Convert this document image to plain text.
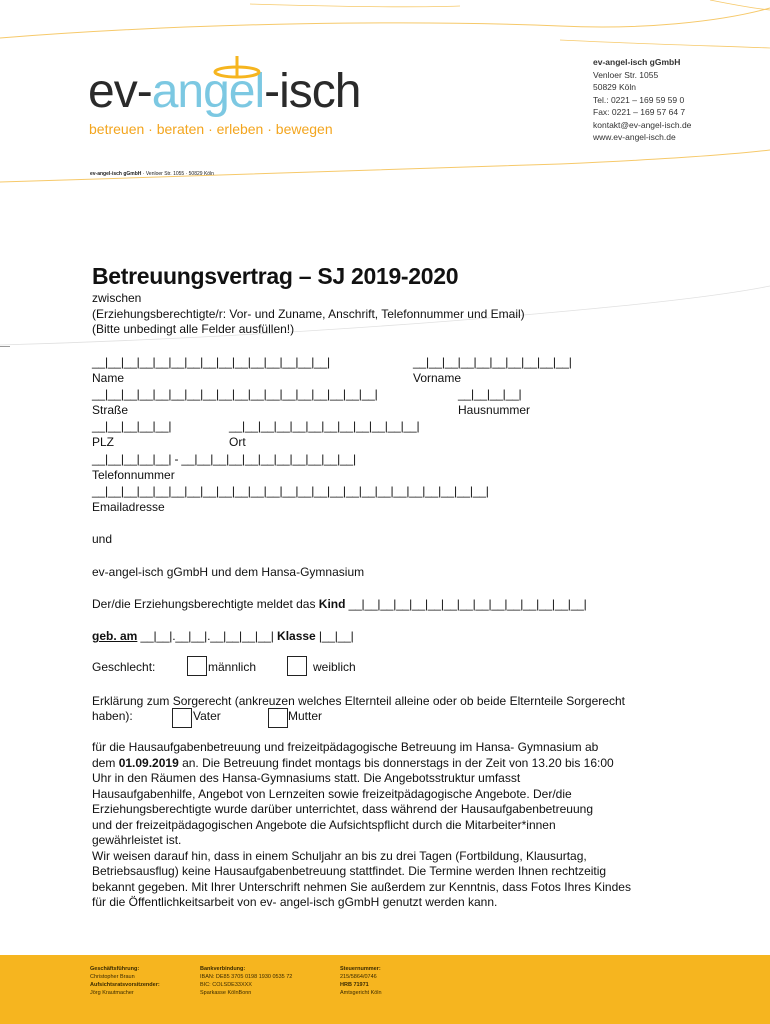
ev-angel-isch
betreuen · beraten · erleben · bewegen
ev-angel-isch gGmbH
Venloer Str. 1055
50829 Köln
Tel.: 0221 – 169 59 59 0
Fax: 0221 – 169 57 64 7
kontakt@ev-angel-isch.de
www.ev-angel-isch.de
ev-angel-isch gGmbH · Venloer Str. 1055 · 50829 Köln
Betreuungsvertrag – SJ 2019-2020
zwischen
(Erziehungsberechtigte/r: Vor- und Zuname, Anschrift, Telefonnummer und Email)
(Bitte unbedingt alle Felder ausfüllen!)
__|__|__|__|__|__|__|__|__|__|__|__|__|__|__|	__|__|__|__|__|__|__|__|__|__|
Name	Vorname
__|__|__|__|__|__|__|__|__|__|__|__|__|__|__|__|__|__|	__|__|__|__|
Straße	Hausnummer
__|__|__|__|__|	__|__|__|__|__|__|__|__|__|__|__|__|
PLZ	Ort
__|__|__|__|__| - __|__|__|__|__|__|__|__|__|__|__|
Telefonnummer
__|__|__|__|__|__|__|__|__|__|__|__|__|__|__|__|__|__|__|__|__|__|__|__|__|
Emailadresse
und
ev-angel-isch gGmbH und dem Hansa-Gymnasium
Der/die Erziehungsberechtigte meldet das Kind __|__|__|__|__|__|__|__|__|__|__|__|__|__|__|
geb. am __|__|.__|__|.__|__|__|__| Klasse |__|__|
Geschlecht:	männlich	weiblich
Erklärung zum Sorgerecht (ankreuzen welches Elternteil alleine oder ob beide Elternteile Sorgerecht
haben):	Vater	Mutter
für die Hausaufgabenbetreuung und freizeitpädagogische Betreuung im Hansa- Gymnasium ab
dem 01.09.2019 an. Die Betreuung findet montags bis donnerstags in der Zeit von 13.20 bis 16:00
Uhr in den Räumen des Hansa-Gymnasiums statt. Die Angebotsstruktur umfasst
Hausaufgabenhilfe, Angebot von Lernzeiten sowie freizeitpädagogische Angebote. Der/die
Erziehungsberechtigte wurde darüber unterrichtet, dass während der Hausaufgabenbetreuung
und der freizeitpädagogischen Angebote die Aufsichtspflicht durch die Mitarbeiter*innen
gewährleistet ist.
Wir weisen darauf hin, dass in einem Schuljahr an bis zu drei Tagen (Fortbildung, Klausurtag,
Betriebsausflug) keine Hausaufgabenbetreuung stattfindet. Die Termine werden Ihnen rechtzeitig
bekannt gegeben. Mit Ihrer Unterschrift nehmen Sie außerdem zur Kenntnis, dass Fotos Ihres Kindes
für die Öffentlichkeitsarbeit von ev- angel-isch gGmbH genutzt werden kann.
Geschäftsführung:
Christopher Braun
Aufsichtsratsvorsitzender:
Jörg Krautmacher
Bankverbindung:
IBAN: DE85 3705 0198 1930 0535 72
BIC: COLSDE33XXX
Sparkasse KölnBonn
Steuernummer:
215/5864/0746
HRB 71971
Amtsgericht Köln
